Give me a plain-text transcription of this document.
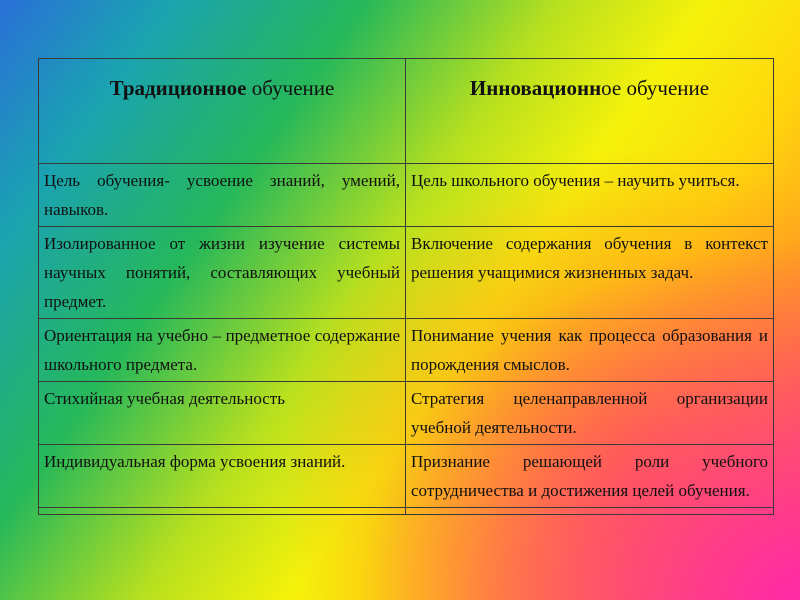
Традиционное обучение	Инновационное обучение
Цель обучения- усвоение знаний, умений, навыков.	Цель школьного обучения – научить учиться.
Изолированное от жизни изучение системы научных понятий, составляющих учебный предмет.	Включение содержания обучения в контекст решения учащимися жизненных задач.
Ориентация на учебно – предметное содержание школьного предмета.	Понимание учения как процесса образования и порождения смыслов.
Стихийная учебная деятельность	Стратегия целенаправленной организации учебной деятельности.
Индивидуальная форма усвоения знаний.	Признание решающей роли учебного сотрудничества и достижения целей обучения.
